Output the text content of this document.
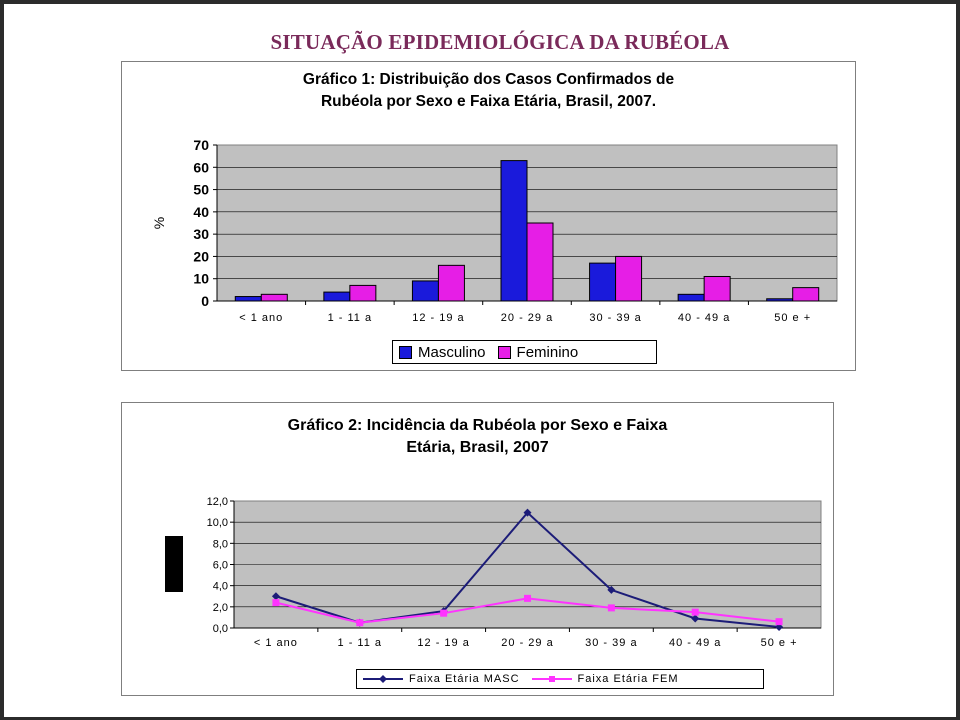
SITUAÇÃO EPIDEMIOLÓGICA DA RUBÉOLA
Gráfico 1: Distribuição dos Casos Confirmados de
Rubéola por Sexo e Faixa Etária, Brasil, 2007.
0
10
20
30
40
50
60
70
%
< 1 ano	1 - 11 a	12 - 19 a	20 - 29 a	30 - 39 a	40 - 49 a	50 e +
Masculino Feminino
Gráfico 2: Incidência da Rubéola por Sexo e Faixa
Etária, Brasil, 2007
0,0
2,0
4,0
6,0
8,0
10,0
12,0
< 1 ano	1 - 11 a	12 - 19 a	20 - 29 a	30 - 39 a	40 - 49 a	50 e +
Faixa Etária MASC	Faixa Etária FEM
